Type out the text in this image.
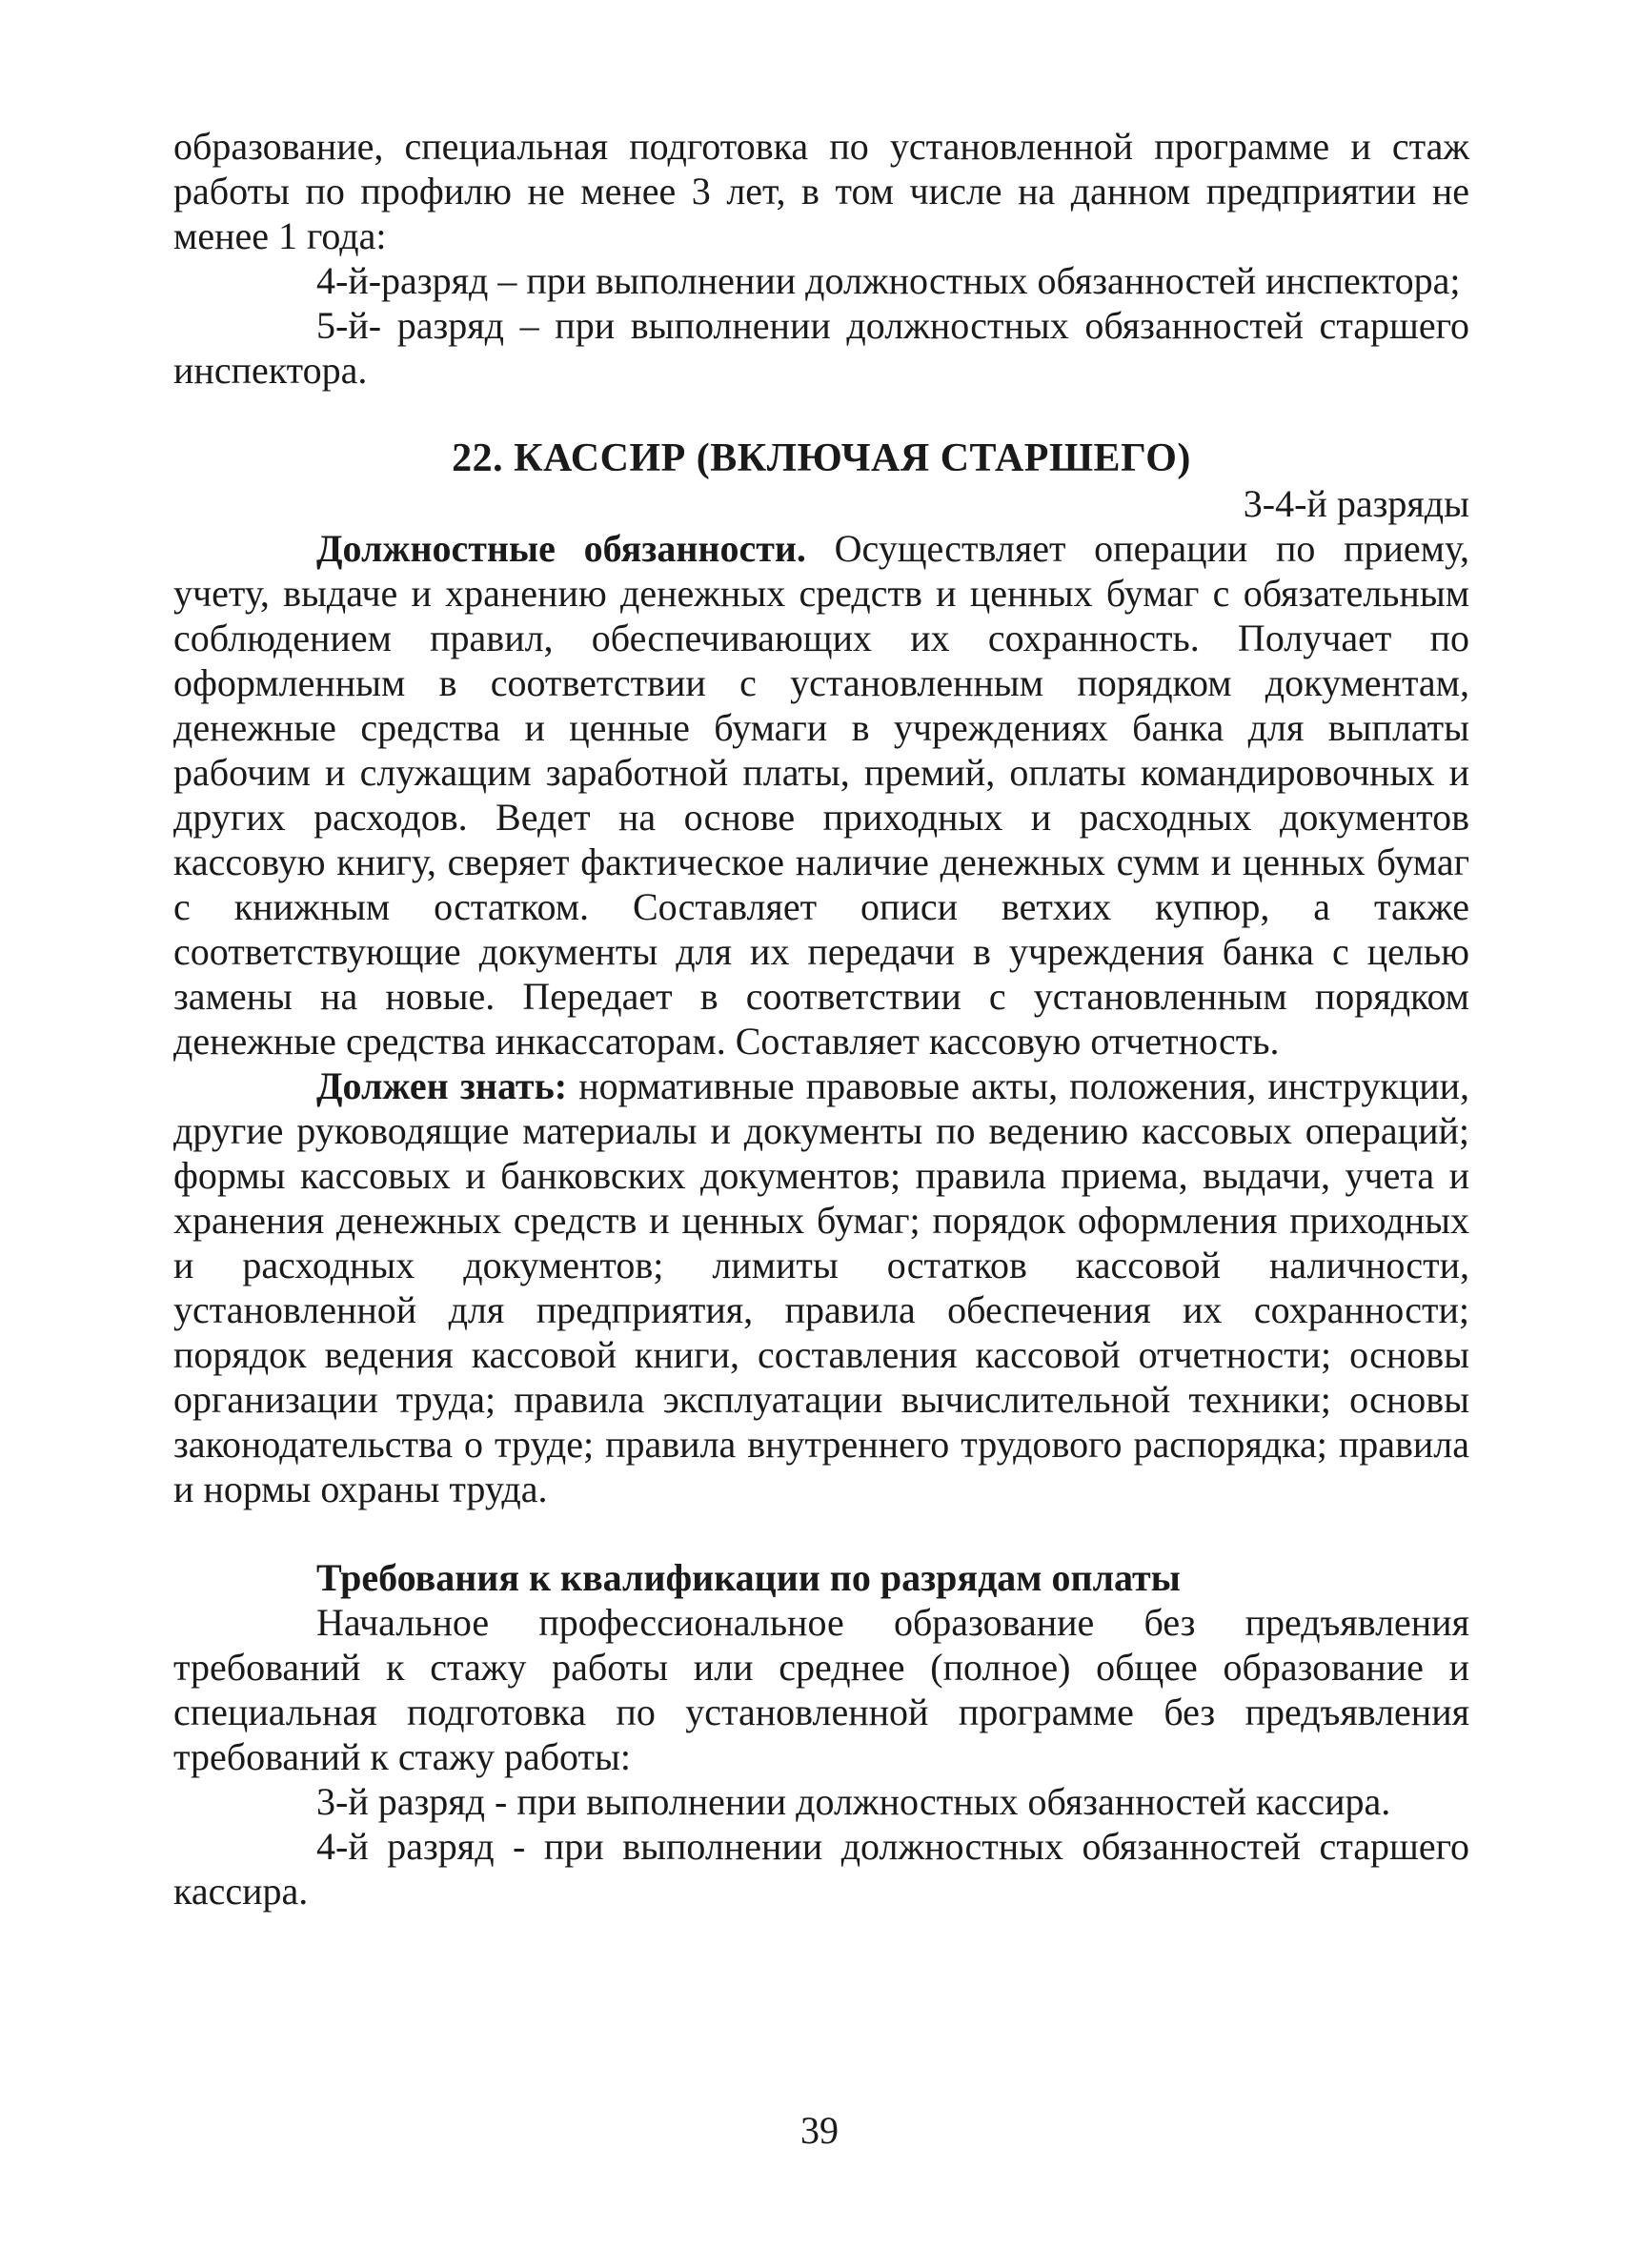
образование, специальная подготовка по установленной программе и стаж работы по профилю не менее 3 лет, в том числе на данном предприятии не менее 1 года:

4-й-разряд – при выполнении должностных обязанностей инспектора;

5-й- разряд – при выполнении должностных обязанностей старшего инспектора.

22. КАССИР (ВКЛЮЧАЯ СТАРШЕГО)
3-4-й разряды

Должностные обязанности. Осуществляет операции по приему, учету, выдаче и хранению денежных средств и ценных бумаг с обязательным соблюдением правил, обеспечивающих их сохранность. Получает по оформленным в соответствии с установленным порядком документам, денежные средства и ценные бумаги в учреждениях банка для выплаты рабочим и служащим заработной платы, премий, оплаты командировочных и других расходов. Ведет на основе приходных и расходных документов кассовую книгу, сверяет фактическое наличие денежных сумм и ценных бумаг с книжным остатком. Составляет описи ветхих купюр, а также соответствующие документы для их передачи в учреждения банка с целью замены на новые. Передает в соответствии с установленным порядком денежные средства инкассаторам. Составляет кассовую отчетность.

Должен знать: нормативные правовые акты, положения, инструкции, другие руководящие материалы и документы по ведению кассовых операций; формы кассовых и банковских документов; правила приема, выдачи, учета и хранения денежных средств и ценных бумаг; порядок оформления приходных и расходных документов; лимиты остатков кассовой наличности, установленной для предприятия, правила обеспечения их сохранности; порядок ведения кассовой книги, составления кассовой отчетности; основы организации труда; правила эксплуатации вычислительной техники; основы законодательства о труде; правила внутреннего трудового распорядка; правила и нормы охраны труда.

Требования к квалификации по разрядам оплаты

Начальное профессиональное образование без предъявления требований к стажу работы или среднее (полное) общее образование и специальная подготовка по установленной программе без предъявления требований к стажу работы:

3-й разряд - при выполнении должностных обязанностей кассира.

4-й разряд - при выполнении должностных обязанностей старшего кассира.

39
